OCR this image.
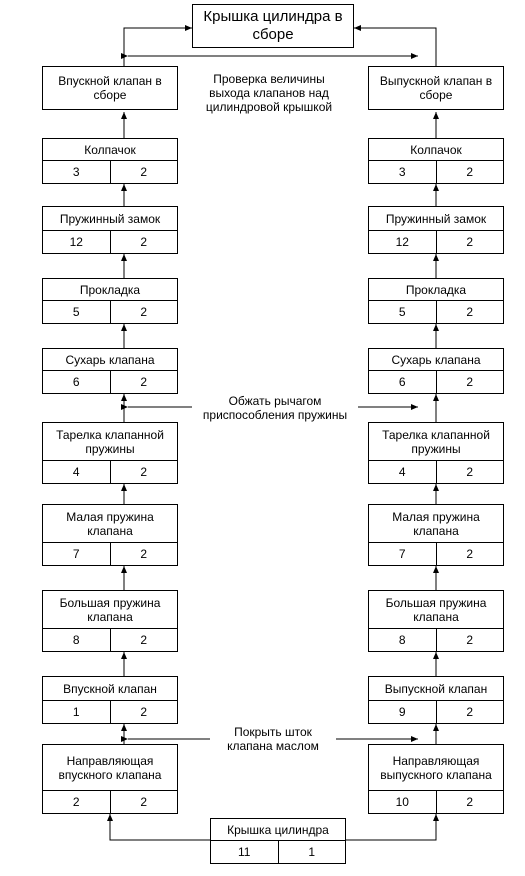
Крышка цилиндра в сборе
Впускной клапан в сборе
Выпускной клапан в сборе
Проверка величины выхода клапанов над цилиндровой крышкой
Колпачок
3	2
Пружинный замок
12	2
Прокладка
5	2
Сухарь клапана
6	2
Тарелка клапанной пружины
4	2
Малая пружина клапана
7	2
Большая пружина клапана
8	2
Впускной клапан
1	2
Направляющая впускного клапана
2	2
Колпачок
3	2
Пружинный замок
12	2
Прокладка
5	2
Сухарь клапана
6	2
Тарелка клапанной пружины
4	2
Малая пружина клапана
7	2
Большая пружина клапана
8	2
Выпускной клапан
9	2
Направляющая выпускного клапана
10	2
Обжать рычагом приспособления пружины
Покрыть шток клапана маслом
Крышка цилиндра
11	1
